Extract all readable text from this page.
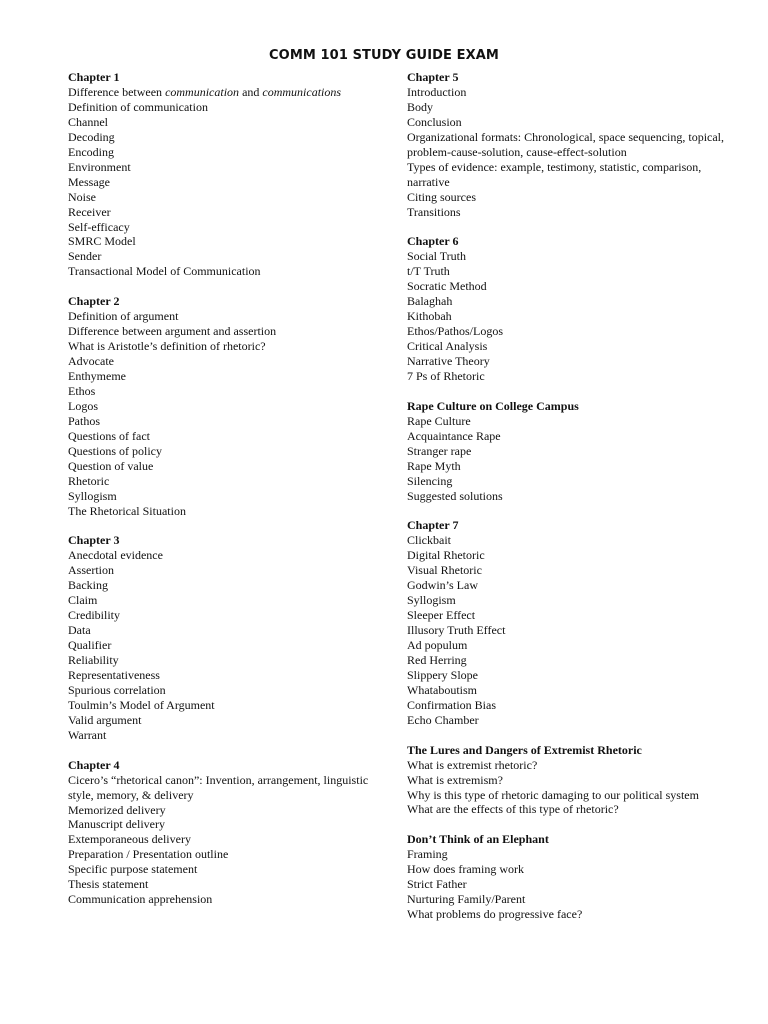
COMM 101 STUDY GUIDE EXAM
Chapter 1
Difference between communication and communications
Definition of communication
Channel
Decoding
Encoding
Environment
Message
Noise
Receiver
Self-efficacy
SMRC Model
Sender
Transactional Model of Communication
Chapter 2
Definition of argument
Difference between argument and assertion
What is Aristotle’s definition of rhetoric?
Advocate
Enthymeme
Ethos
Logos
Pathos
Questions of fact
Questions of policy
Question of value
Rhetoric
Syllogism
The Rhetorical Situation
Chapter 3
Anecdotal evidence
Assertion
Backing
Claim
Credibility
Data
Qualifier
Reliability
Representativeness
Spurious correlation
Toulmin’s Model of Argument
Valid argument
Warrant
Chapter 4
Cicero’s “rhetorical canon”: Invention, arrangement, linguistic style, memory, & delivery
Memorized delivery
Manuscript delivery
Extemporaneous delivery
Preparation / Presentation outline
Specific purpose statement
Thesis statement
Communication apprehension
Chapter 5
Introduction
Body
Conclusion
Organizational formats: Chronological, space sequencing, topical, problem-cause-solution, cause-effect-solution
Types of evidence: example, testimony, statistic, comparison, narrative
Citing sources
Transitions
Chapter 6
Social Truth
t/T Truth
Socratic Method
Balaghah
Kithobah
Ethos/Pathos/Logos
Critical Analysis
Narrative Theory
7 Ps of Rhetoric
Rape Culture on College Campus
Rape Culture
Acquaintance Rape
Stranger rape
Rape Myth
Silencing
Suggested solutions
Chapter 7
Clickbait
Digital Rhetoric
Visual Rhetoric
Godwin’s Law
Syllogism
Sleeper Effect
Illusory Truth Effect
Ad populum
Red Herring
Slippery Slope
Whataboutism
Confirmation Bias
Echo Chamber
The Lures and Dangers of Extremist Rhetoric
What is extremist rhetoric?
What is extremism?
Why is this type of rhetoric damaging to our political system
What are the effects of this type of rhetoric?
Don’t Think of an Elephant
Framing
How does framing work
Strict Father
Nurturing Family/Parent
What problems do progressive face?
